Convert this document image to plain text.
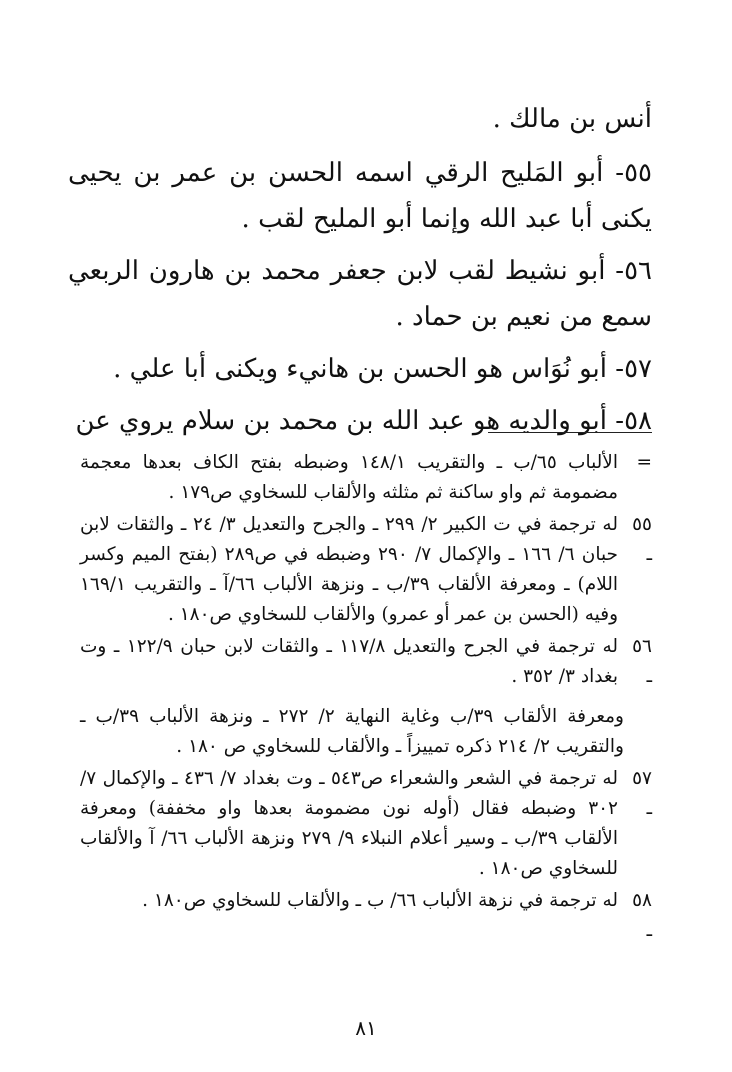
أنس بن مالك .
٥٥- أبو المَليح الرقي اسمه الحسن بن عمر بن يحيى يكنى أبا عبد الله وإنما أبو المليح لقب .
٥٦- أبو نشيط لقب لابن جعفر محمد بن هارون الربعي سمع من نعيم بن حماد .
٥٧- أبو نُوَاس هو الحسن بن هانيء ويكنى أبا علي .
٥٨- أبو والديه هو عبد الله بن محمد بن سلام يروي عن
=
الألباب ٦٥/ب ـ والتقريب ١٤٨/١ وضبطه بفتح الكاف بعدها معجمة مضمومة ثم واو ساكنة ثم مثلثه والألقاب للسخاوي ص١٧٩ .
٥٥ ـ
له ترجمة في ت الكبير ٢/ ٢٩٩ ـ والجرح والتعديل ٣/ ٢٤ ـ والثقات لابن حبان ٦/ ١٦٦ ـ والإكمال ٧/ ٢٩٠ وضبطه في ص٢٨٩ (بفتح الميم وكسر اللام) ـ ومعرفة الألقاب ٣٩/ب ـ ونزهة الألباب ٦٦/آ ـ والتقريب ١٦٩/١ وفيه (الحسن بن عمر أو عمرو) والألقاب للسخاوي ص١٨٠ .
٥٦ ـ
له ترجمة في الجرح والتعديل ١١٧/٨ ـ والثقات لابن حبان ١٢٢/٩ ـ وت بغداد ٣/ ٣٥٢ .
ومعرفة الألقاب ٣٩/ب وغاية النهاية ٢/ ٢٧٢ ـ ونزهة الألباب ٣٩/ب ـ والتقريب ٢/ ٢١٤ ذكره تمييزاً ـ والألقاب للسخاوي ص ١٨٠ .
٥٧ ـ
له ترجمة في الشعر والشعراء ص٥٤٣ ـ وت بغداد ٧/ ٤٣٦ ـ والإكمال ٧/ ٣٠٢ وضبطه فقال (أوله نون مضمومة بعدها واو مخففة) ومعرفة الألقاب ٣٩/ب ـ وسير أعلام النبلاء ٩/ ٢٧٩ ونزهة الألباب ٦٦/ آ والألقاب للسخاوي ص١٨٠ .
٥٨ ـ
له ترجمة في نزهة الألباب ٦٦/ ب ـ والألقاب للسخاوي ص١٨٠ .
٨١
